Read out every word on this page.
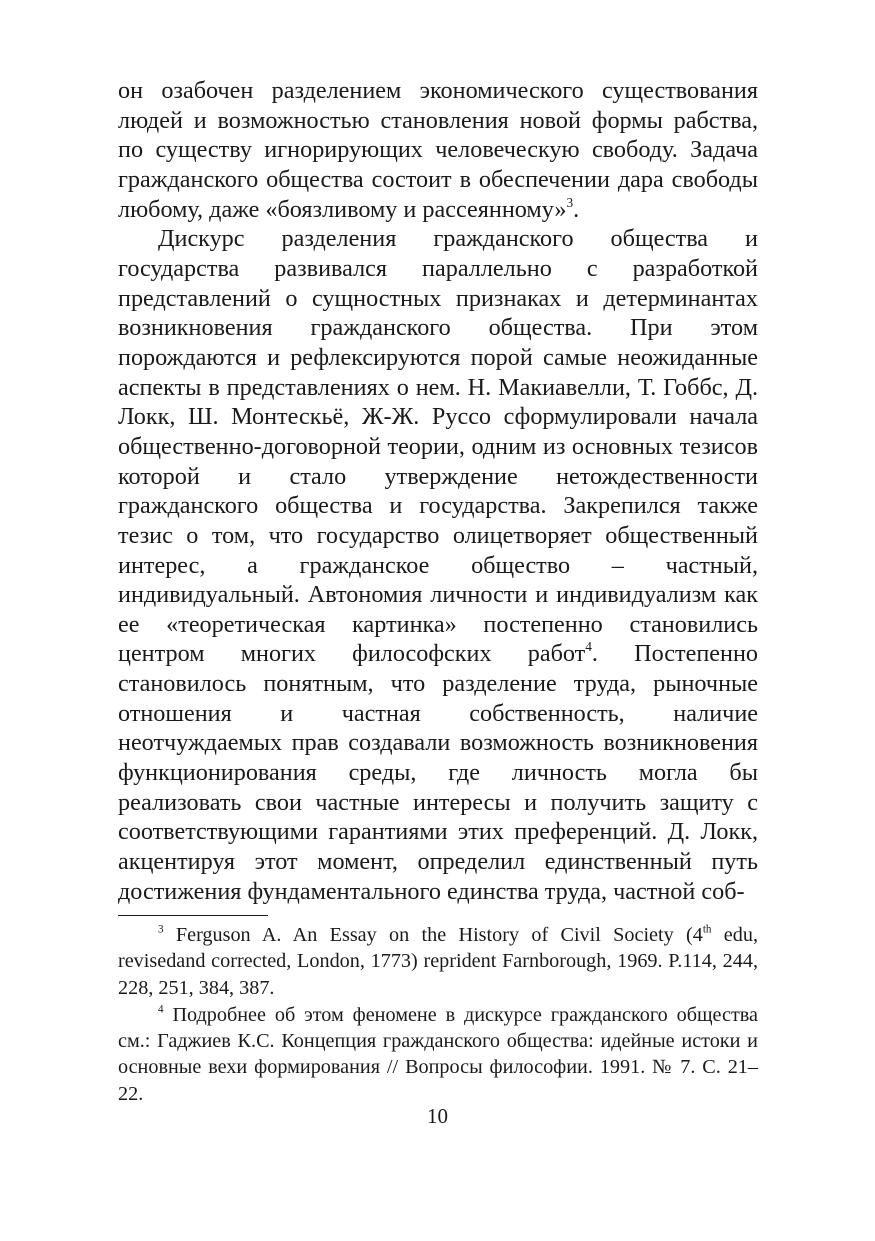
он озабочен разделением экономического существования людей и возможностью становления новой формы рабства, по существу игнорирующих человеческую свободу. Задача гражданского общества состоит в обеспечении дара свободы любому, даже «боязливому и рассеянному»$^3$.

Дискурс разделения гражданского общества и государства развивался параллельно с разработкой представлений о сущностных признаках и детерминантах возникновения гражданского общества. При этом порождаются и рефлексируются порой самые неожиданные аспекты в представлениях о нем. Н. Макиавелли, Т. Гоббс, Д. Локк, Ш. Монтескьё, Ж-Ж. Руссо сформулировали начала общественно-договорной теории, одним из основных тезисов которой и стало утверждение нетождественности гражданского общества и государства. Закрепился также тезис о том, что государство олицетворяет общественный интерес, а гражданское общество – частный, индивидуальный. Автономия личности и индивидуализм как ее «теоретическая картинка» постепенно становились центром многих философских работ$^4$. Постепенно становилось понятным, что разделение труда, рыночные отношения и частная собственность, наличие неотчуждаемых прав создавали возможность возникновения функционирования среды, где личность могла бы реализовать свои частные интересы и получить защиту с соответствующими гарантиями этих преференций. Д. Локк, акцентируя этот момент, определил единственный путь достижения фундаментального единства труда, частной соб-

$^3$ Ferguson A. An Essay on the History of Civil Society (4th edu, revisedand corrected, London, 1773) repridеnt Farnborough, 1969. P.114, 244, 228, 251, 384, 387.

$^4$ Подробнее об этом феномене в дискурсе гражданского общества см.: Гаджиев К.С. Концепция гражданского общества: идейные истоки и основные вехи формирования // Вопросы философии. 1991. № 7. С. 21–22.

10
